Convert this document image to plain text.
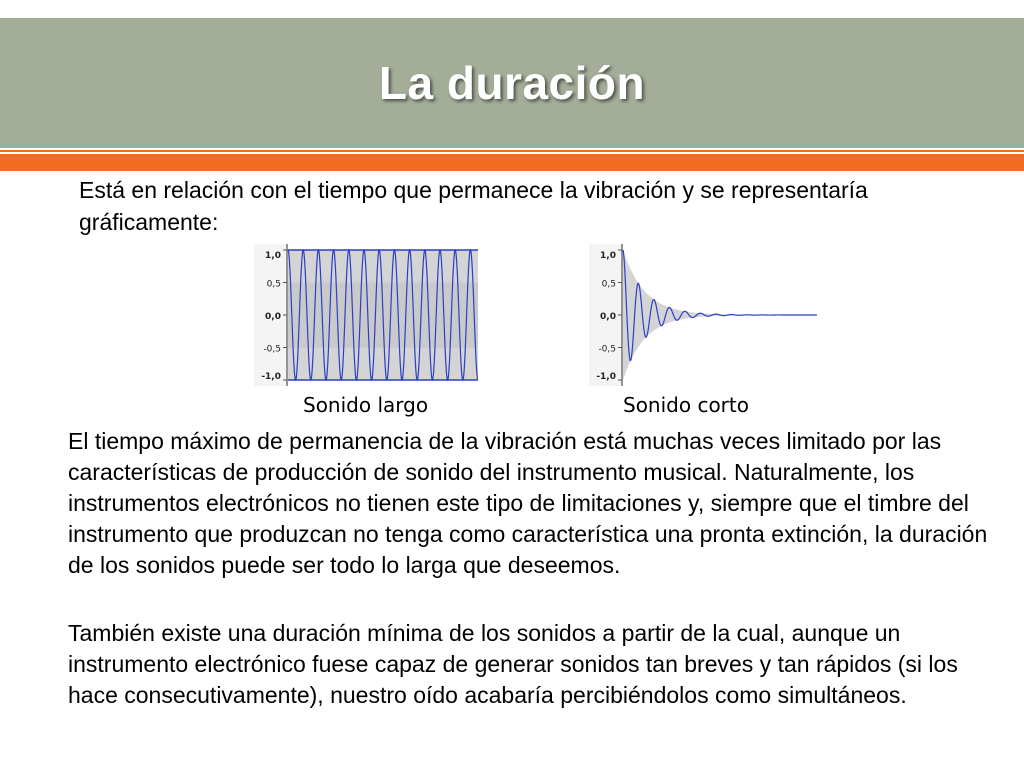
La duración
Está en relación con el tiempo que permanece la vibración y se representaría gráficamente:
1,0
0,5
0,0
-0,5
-1,0
1,0
0,5
0,0
-0,5
-1,0
Sonido largo	Sonido corto
El tiempo máximo de permanencia de la vibración está muchas veces limitado por las características de producción de sonido del instrumento musical. Naturalmente, los instrumentos electrónicos no tienen este tipo de limitaciones y, siempre que el timbre del instrumento que produzcan no tenga como característica una pronta extinción, la duración de los sonidos puede ser todo lo larga que deseemos.
También existe una duración mínima de los sonidos a partir de la cual, aunque un instrumento electrónico fuese capaz de generar sonidos tan breves y tan rápidos (si los hace consecutivamente), nuestro oído acabaría percibiéndolos como simultáneos.
